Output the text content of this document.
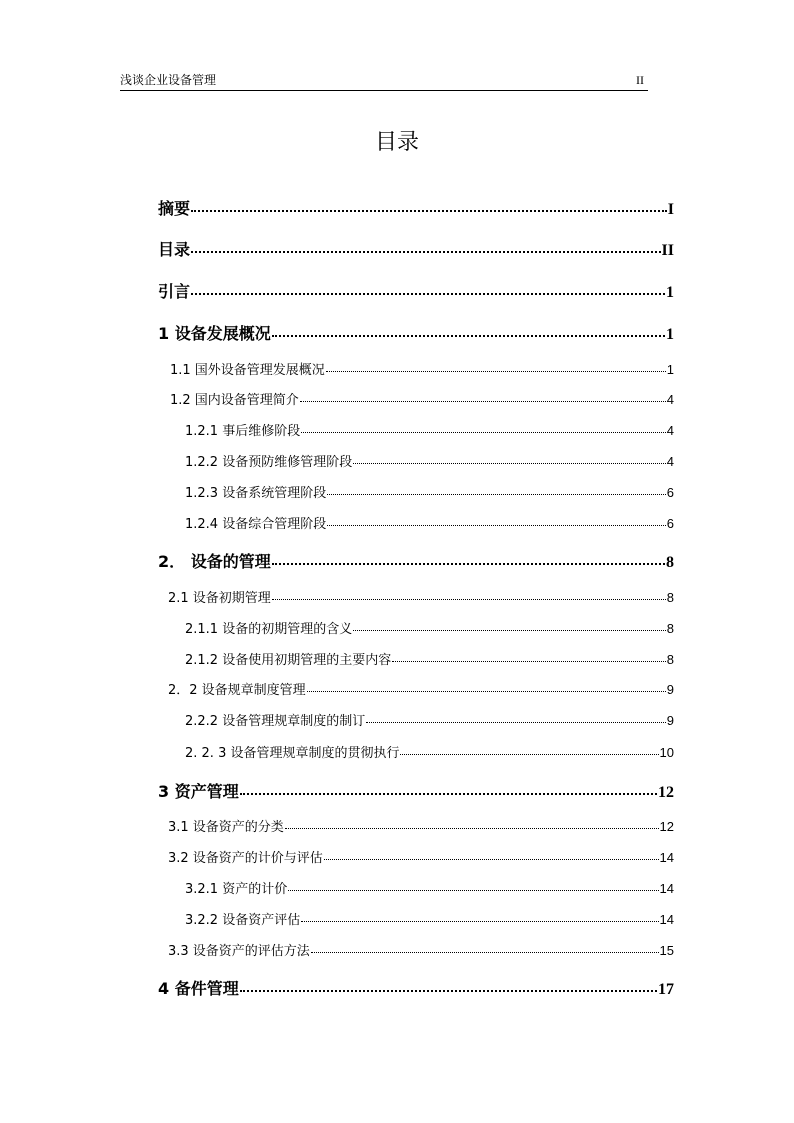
浅谈企业设备管理	II
目录
摘要	I
目录	II
引言	1
1 设备发展概况	1
1.1 国外设备管理发展概况	1
1.2 国内设备管理简介	4
1.2.1 事后维修阶段	4
1.2.2 设备预防维修管理阶段	4
1.2.3 设备系统管理阶段	6
1.2.4 设备综合管理阶段	6
2． 设备的管理	8
2.1 设备初期管理	8
2.1.1 设备的初期管理的含义	8
2.1.2 设备使用初期管理的主要内容	8
2．2 设备规章制度管理	9
2.2.2 设备管理规章制度的制订	9
2. 2. 3 设备管理规章制度的贯彻执行	10
3 资产管理	12
3.1 设备资产的分类	12
3.2 设备资产的计价与评估	14
3.2.1 资产的计价	14
3.2.2 设备资产评估	14
3.3 设备资产的评估方法	15
4 备件管理	17
